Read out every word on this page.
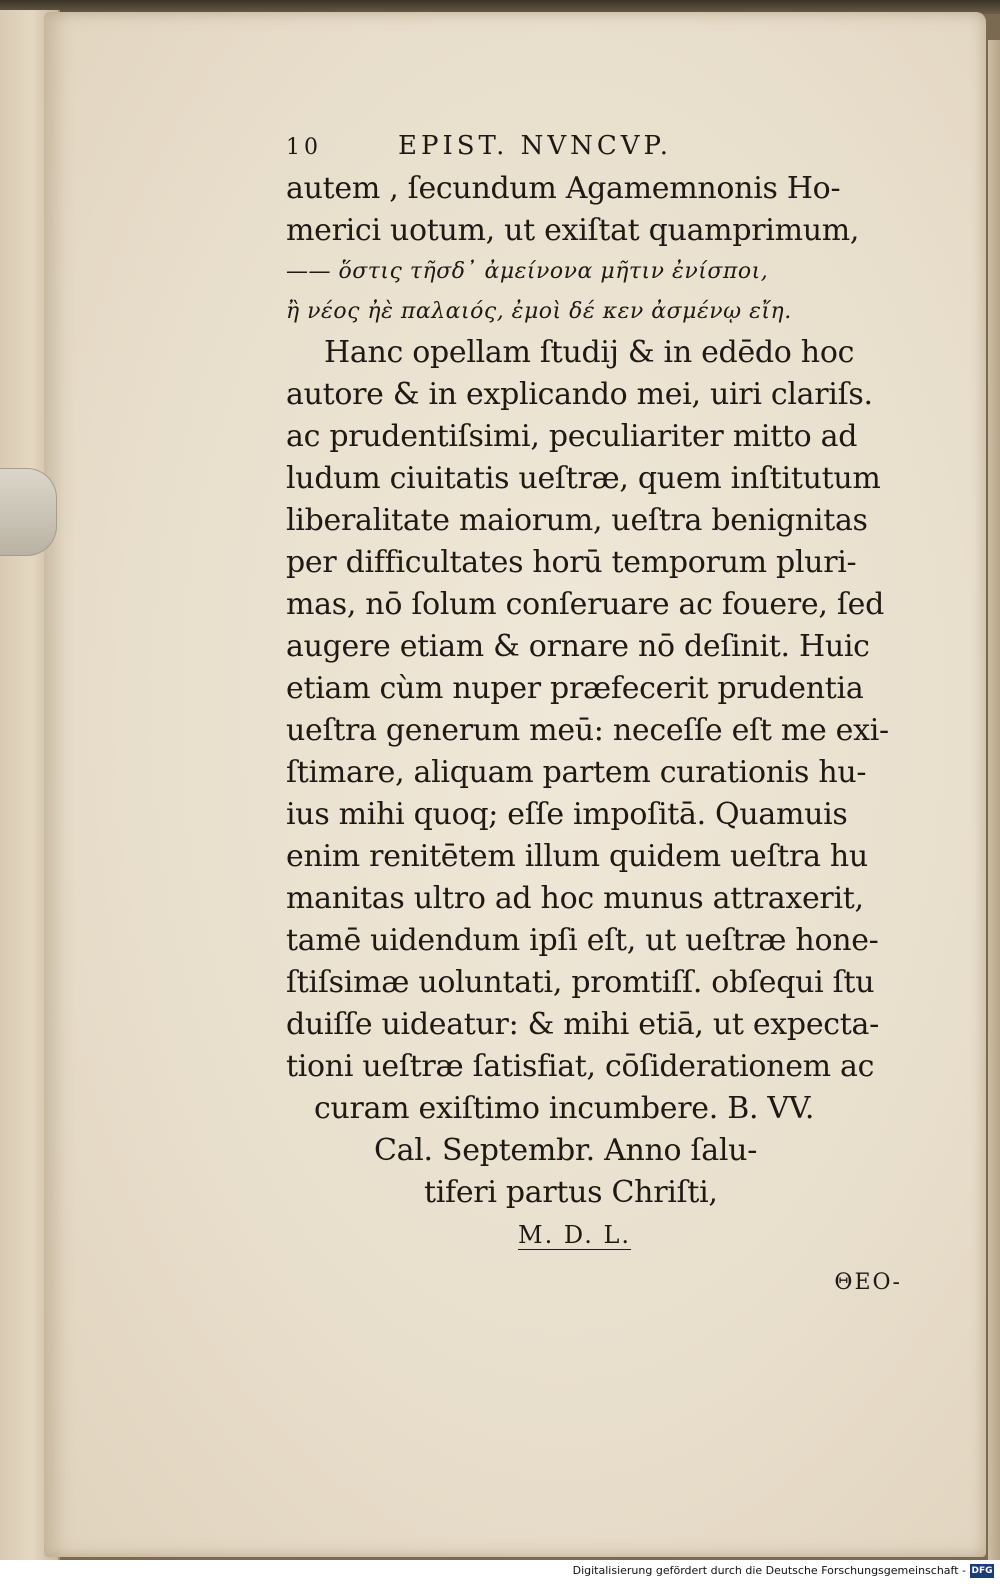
10	EPIST. NVNCVP.
autem , ſecundum Agamemnonis Ho-
merici uotum, ut exiſtat quamprimum,
—— ὅστις τῆσδ᾽ ἀμείνονα μῆτιν ἐνίσποι,
ἢ νέος ἠὲ παλαιός, ἐμοὶ δέ κεν ἀσμένῳ εἴη.
Hanc opellam ſtudij & in edēdo hoc
autore & in explicando mei, uiri clariſs.
ac prudentiſsimi, peculiariter mitto ad
ludum ciuitatis ueſtræ, quem inſtitutum
liberalitate maiorum, ueſtra benignitas
per difficultates horū temporum pluri-
mas, nō ſolum conſeruare ac fouere, ſed
augere etiam & ornare nō deſinit. Huic
etiam cùm nuper præfecerit prudentia
ueſtra generum meū: neceſſe eſt me exi-
ſtimare, aliquam partem curationis hu-
ius mihi quoq; eſſe impoſitā. Quamuis
enim renitētem illum quidem ueſtra hu
manitas ultro ad hoc munus attraxerit,
tamē uidendum ipſi eſt, ut ueſtræ hone-
ſtiſsimæ uoluntati, promtiſſ. obſequi ſtu
duiſſe uideatur: & mihi etiā, ut expecta-
tioni ueſtræ ſatisfiat, cōſiderationem ac
curam exiſtimo incumbere. B. VV.
Cal. Septembr. Anno ſalu-
tiferi partus Chriſti,
M. D. L.
ΘΕΟ-
Digitalisierung gefördert durch die Deutsche Forschungsgemeinschaft - DFG
